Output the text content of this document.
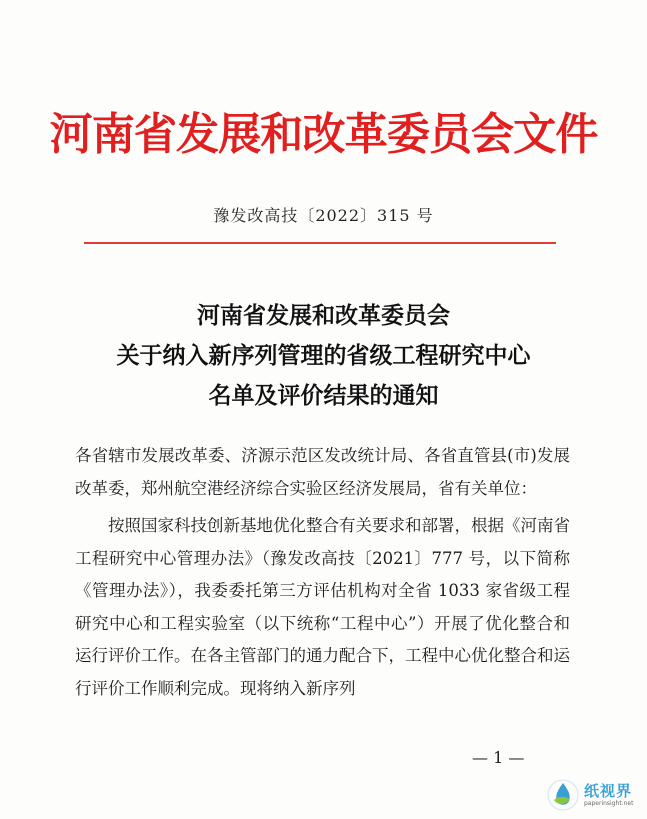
河南省发展和改革委员会文件
豫发改高技〔2022〕315 号
河南省发展和改革委员会
关于纳入新序列管理的省级工程研究中心
名单及评价结果的通知

各省辖市发展改革委、济源示范区发改统计局、各省直管县(市)发展改革委，郑州航空港经济综合实验区经济发展局，省有关单位：

按照国家科技创新基地优化整合有关要求和部署，根据《河南省工程研究中心管理办法》（豫发改高技〔2021〕777 号，以下简称《管理办法》），我委委托第三方评估机构对全省 1033 家省级工程研究中心和工程实验室（以下统称“工程中心”）开展了优化整合和运行评价工作。在各主管部门的通力配合下，工程中心优化整合和运行评价工作顺利完成。现将纳入新序列

— 1 —
纸视界
paperinsight.net
